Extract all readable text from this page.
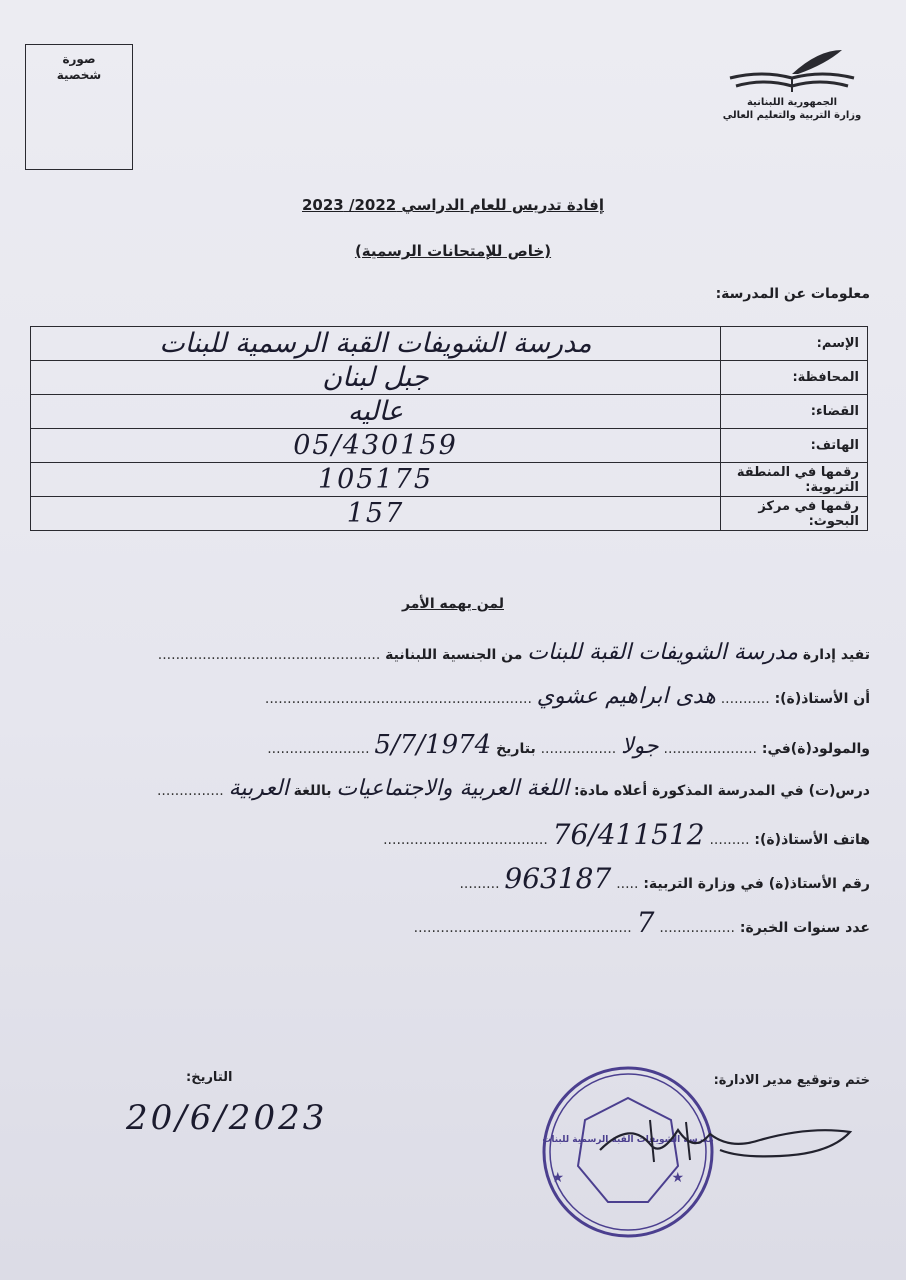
صورة
شخصية
الجمهورية اللبنانية
وزارة التربية والتعليم العالي
إفادة تدريس للعام الدراسي 2022/ 2023
(خاص للإمتحانات الرسمية)
معلومات عن المدرسة:
الإسم:	مدرسة الشويفات القبة الرسمية للبنات
المحافظة:	جبل لبنان
القضاء:	عاليه
الهاتف:	05/430159
رقمها في المنطقة التربوية:	105175
رقمها في مركز البحوث:	157
لمن يهمه الأمر
تفيد إدارة مدرسة الشويفات القبة للبنات من الجنسية اللبنانية ..................................................
أن الأستاذ(ة): ........... هدى ابراهيم عشوي ............................................................
والمولود(ة)في: ..................... جولا ................. بتاريخ 5/7/1974 .......................
درس(ت) في المدرسة المذكورة أعلاه مادة: اللغة العربية والاجتماعيات باللغة العربية ...............
هاتف الأستاذ(ة): ......... 76/411512 .....................................
رقم الأستاذ(ة) في وزارة التربية: ..... 963187 .........
عدد سنوات الخبرة: ................. 7 .................................................
ختم وتوقيع مدير الادارة:
التاريخ:
20/6/2023
★	★
مدرسة الشويفات القبة الرسمية للبنات
